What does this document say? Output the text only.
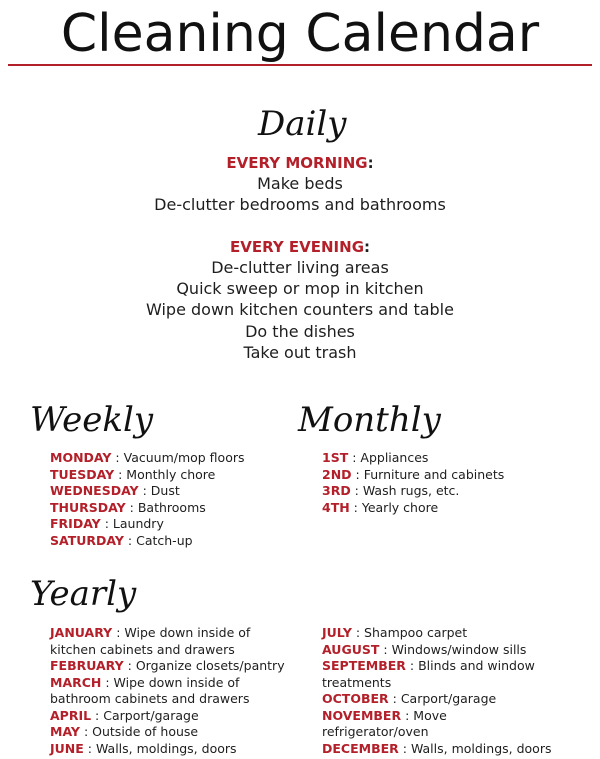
Cleaning Calendar
Daily
EVERY MORNING:
Make beds
De-clutter bedrooms and bathrooms
EVERY EVENING:
De-clutter living areas
Quick sweep or mop in kitchen
Wipe down kitchen counters and table
Do the dishes
Take out trash
Weekly
MONDAY : Vacuum/mop floors
TUESDAY : Monthly chore
WEDNESDAY : Dust
THURSDAY : Bathrooms
FRIDAY : Laundry
SATURDAY : Catch-up
Monthly
1ST : Appliances
2ND : Furniture and cabinets
3RD : Wash rugs, etc.
4TH : Yearly chore
Yearly
JANUARY : Wipe down inside of
kitchen cabinets and drawers
FEBRUARY : Organize closets/pantry
MARCH : Wipe down inside of
bathroom cabinets and drawers
APRIL : Carport/garage
MAY : Outside of house
JUNE : Walls, moldings, doors
JULY : Shampoo carpet
AUGUST : Windows/window sills
SEPTEMBER : Blinds and window
treatments
OCTOBER : Carport/garage
NOVEMBER : Move
refrigerator/oven
DECEMBER : Walls, moldings, doors
